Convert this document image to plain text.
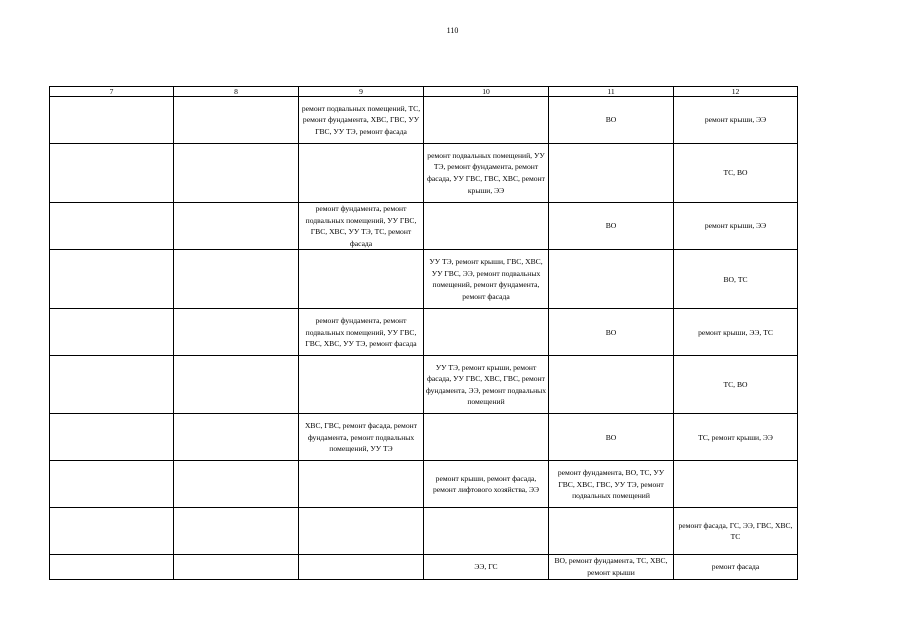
110
7	8	9	10	11	12
		ремонт подвальных помещений, ТС, ремонт фундамента, ХВС, ГВС, УУ ГВС, УУ ТЭ, ремонт фасада		ВО	ремонт крыши, ЭЭ
			ремонт подвальных помещений, УУ ТЭ, ремонт фундамента, ремонт фасада, УУ ГВС, ГВС, ХВС, ремонт крыши, ЭЭ		ТС, ВО
		ремонт фундамента, ремонт подвальных помещений, УУ ГВС, ГВС, ХВС, УУ ТЭ, ТС, ремонт фасада		ВО	ремонт крыши, ЭЭ
			УУ ТЭ, ремонт крыши, ГВС, ХВС, УУ ГВС, ЭЭ, ремонт подвальных помещений, ремонт фундамента, ремонт фасада		ВО, ТС
		ремонт фундамента, ремонт подвальных помещений, УУ ГВС, ГВС, ХВС, УУ ТЭ, ремонт фасада		ВО	ремонт крыши, ЭЭ, ТС
			УУ ТЭ, ремонт крыши, ремонт фасада, УУ ГВС, ХВС, ГВС, ремонт фундамента, ЭЭ, ремонт подвальных помещений		ТС, ВО
		ХВС, ГВС, ремонт фасада, ремонт фундамента, ремонт подвальных помещений, УУ ТЭ		ВО	ТС, ремонт крыши, ЭЭ
			ремонт крыши, ремонт фасада, ремонт лифтового хозяйства, ЭЭ	ремонт фундамента, ВО, ТС, УУ ГВС, ХВС, ГВС, УУ ТЭ, ремонт подвальных помещений	
					ремонт фасада, ГС, ЭЭ, ГВС, ХВС, ТС
			ЭЭ, ГС	ВО, ремонт фундамента, ТС, ХВС, ремонт крыши	ремонт фасада
